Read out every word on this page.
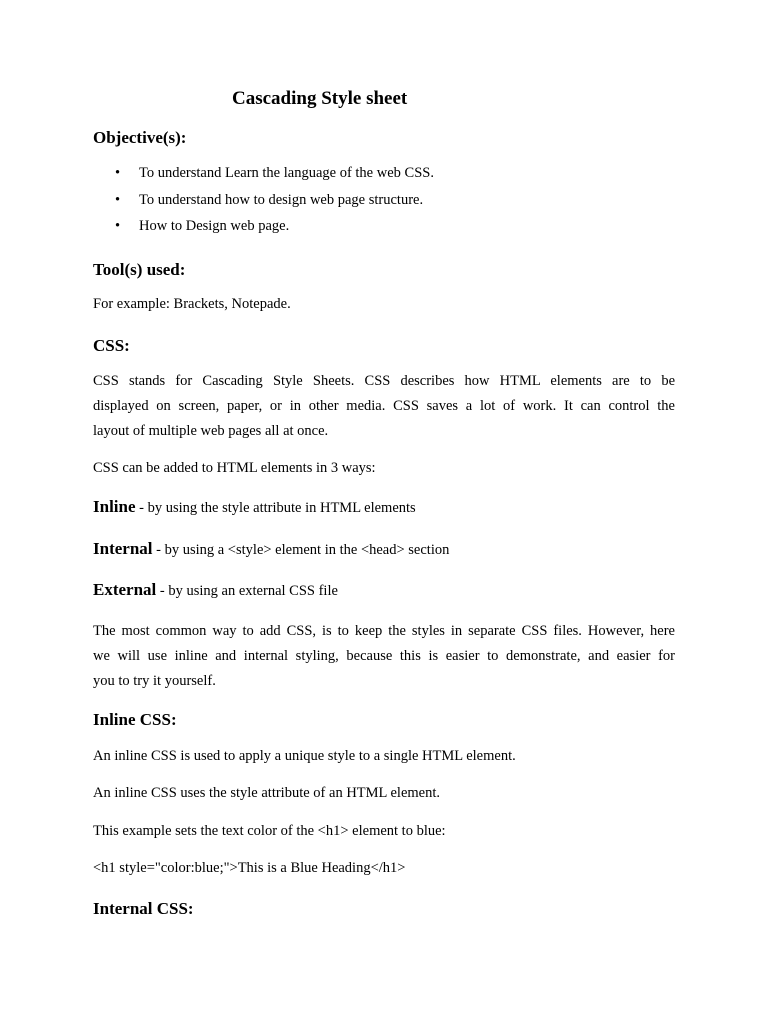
Cascading Style sheet
Objective(s):
• To understand Learn the language of the web CSS.
• To understand how to design web page structure.
• How to Design web page.
Tool(s) used:
For example: Brackets, Notepade.
CSS:
CSS stands for Cascading Style Sheets. CSS describes how HTML elements are to be
displayed on screen, paper, or in other media. CSS saves a lot of work. It can control the
layout of multiple web pages all at once.
CSS can be added to HTML elements in 3 ways:
Inline - by using the style attribute in HTML elements
Internal - by using a <style> element in the <head> section
External - by using an external CSS file
The most common way to add CSS, is to keep the styles in separate CSS files. However, here
we will use inline and internal styling, because this is easier to demonstrate, and easier for
you to try it yourself.
Inline CSS:
An inline CSS is used to apply a unique style to a single HTML element.
An inline CSS uses the style attribute of an HTML element.
This example sets the text color of the <h1> element to blue:
<h1 style="color:blue;">This is a Blue Heading</h1>
Internal CSS:
